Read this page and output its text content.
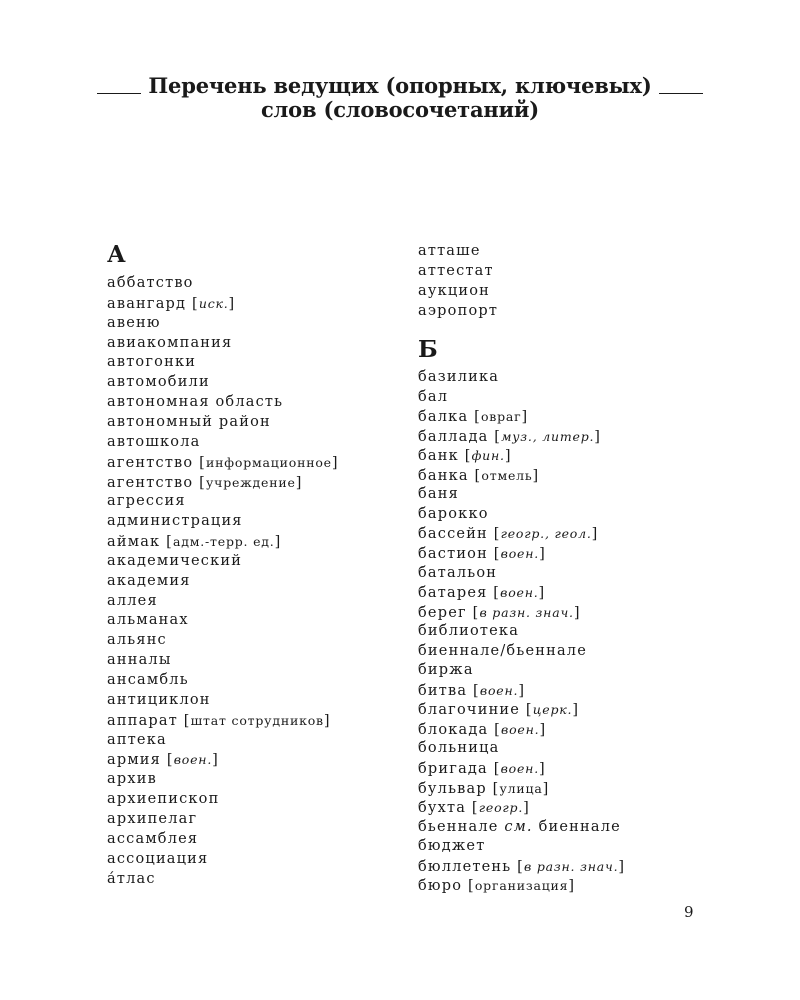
Перечень ведущих (опорных, ключевых)
слов (словосочетаний)
А
аббатство
авангард [иск.]
авеню
авиакомпания
автогонки
автомобили
автономная область
автономный район
автошкола
агентство [информационное]
агентство [учреждение]
агрессия
администрация
аймак [адм.-терр. ед.]
академический
академия
аллея
альманах
альянс
анналы
ансамбль
антициклон
аппарат [штат сотрудников]
аптека
армия [воен.]
архив
архиепископ
архипелаг
ассамблея
ассоциация
а́тлас
атташе
аттестат
аукцион
аэропорт
Б
базилика
бал
балка [овраг]
баллада [муз., литер.]
банк [фин.]
банка [отмель]
баня
барокко
бассейн [геогр., геол.]
бастион [воен.]
батальон
батарея [воен.]
берег [в разн. знач.]
библиотека
биеннале/бьеннале
биржа
битва [воен.]
благочиние [церк.]
блокада [воен.]
больница
бригада [воен.]
бульвар [улица]
бухта [геогр.]
бьеннале см. биеннале
бюджет
бюллетень [в разн. знач.]
бюро [организация]
9
